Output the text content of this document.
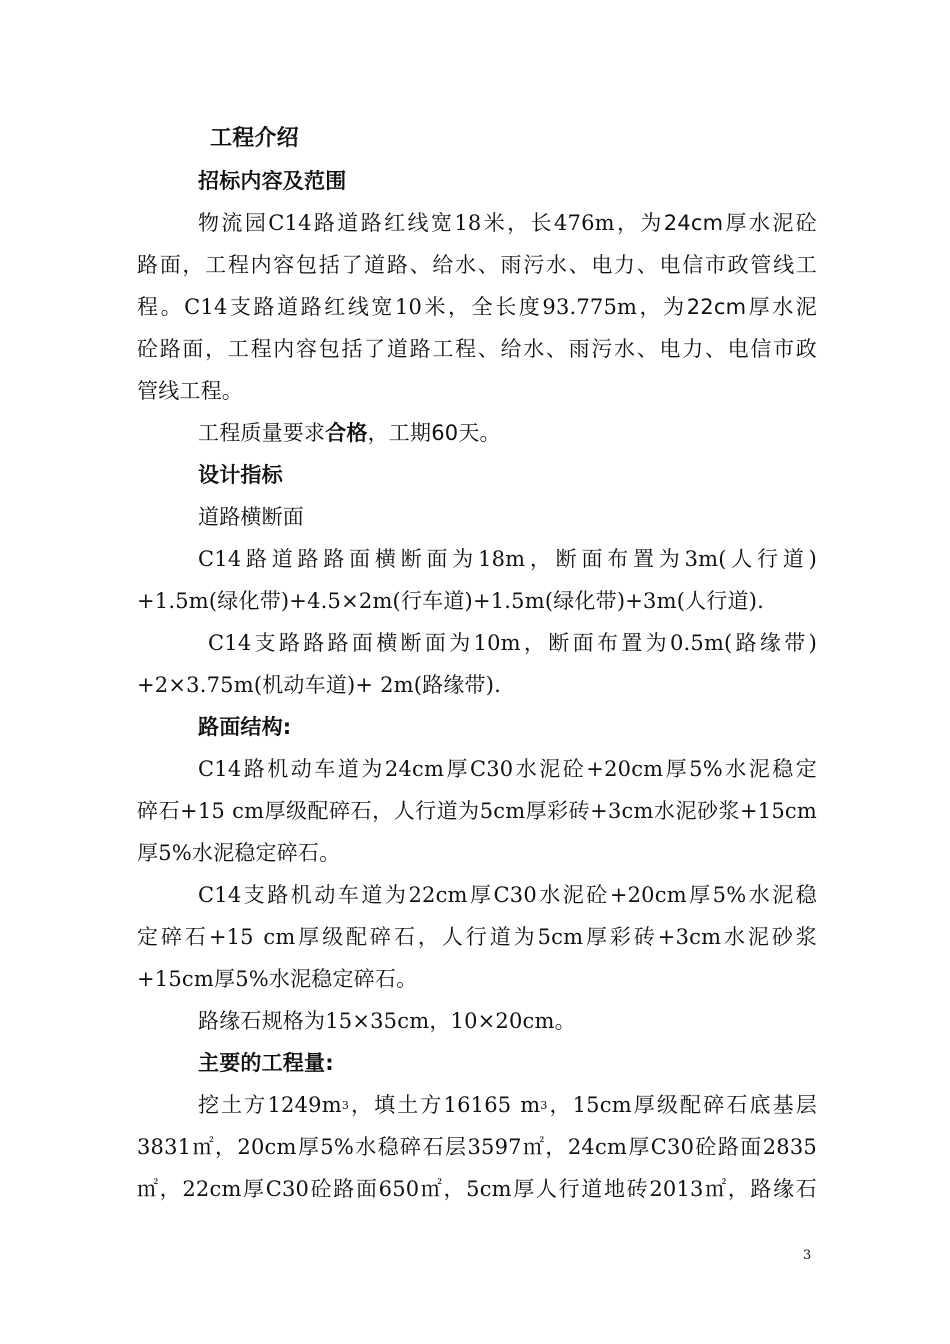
工程介绍
招标内容及范围
物流园C14路道路红线宽18米，长476m，为24cm厚水泥砼
路面，工程内容包括了道路、给水、雨污水、电力、电信市政管线工
程。C14支路道路红线宽10米，全长度93.775m，为22cm厚水泥
砼路面，工程内容包括了道路工程、给水、雨污水、电力、电信市政
管线工程。
工程质量要求合格，工期60天。
设计指标
道路横断面
C14路道路路面横断面为18m，断面布置为3m(人行道)
+1.5m(绿化带)+4.5×2m(行车道)+1.5m(绿化带)+3m(人行道).
C14支路路路面横断面为10m，断面布置为0.5m(路缘带)
+2×3.75m(机动车道)+ 2m(路缘带).
路面结构:
C14路机动车道为24cm厚C30水泥砼+20cm厚5%水泥稳定
碎石+15 cm厚级配碎石，人行道为5cm厚彩砖+3cm水泥砂浆+15cm
厚5%水泥稳定碎石。
C14支路机动车道为22cm厚C30水泥砼+20cm厚5%水泥稳
定碎石+15 cm厚级配碎石，人行道为5cm厚彩砖+3cm水泥砂浆
+15cm厚5%水泥稳定碎石。
路缘石规格为15×35cm，10×20cm。
主要的工程量:
挖土方$1249m^3$，填土方16165 $m^3$，15cm厚级配碎石底基层
3831㎡，20cm厚5%水稳碎石层3597㎡，24cm厚C30砼路面2835
㎡，22cm厚C30砼路面650㎡，5cm厚人行道地砖2013㎡，路缘石
3
